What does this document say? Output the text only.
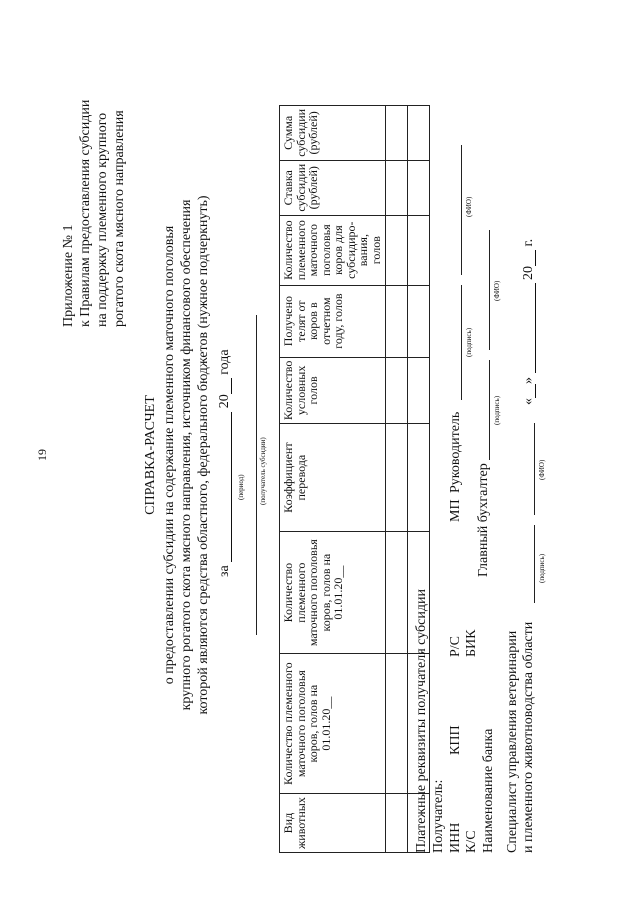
19
Приложение № 1 к Правилам предоставления субсидии на поддержку племенного крупного рогатого скота мясного направления
СПРАВКА-РАСЧЕТ о предоставлении субсидии на содержание племенного маточного поголовья крупного рогатого скота мясного направления, источником финансового обеспечения которой являются средства областного, федерального бюджетов (нужное подчеркнуть) за  20 года
(период) (получатель субсидии)
Вид животных	Количество племенного маточного поголовья коров, голов на 01.01.20__	Количество племенного маточного поголовья коров, голов на 01.01.20__	Коэффициент перевода	Количество условных голов	Получено телят от коров в отчетном году, голов	Количество племенного маточного поголовья коров для субсидиро-вания, голов	Ставка субсидии (рублей)	Сумма субсидии (рублей)

Платежные реквизиты получателя субсидии Получатель: ИНН
КПП
Р/С
К/С
БИК
Наименование банка
МП
Руководитель
(подпись)
(ФИО)
Главный бухгалтер
(подпись)
(ФИО)
Специалист управления ветеринарии и племенного животноводства области
(подпись)
(ФИО)
«»  20 г.
